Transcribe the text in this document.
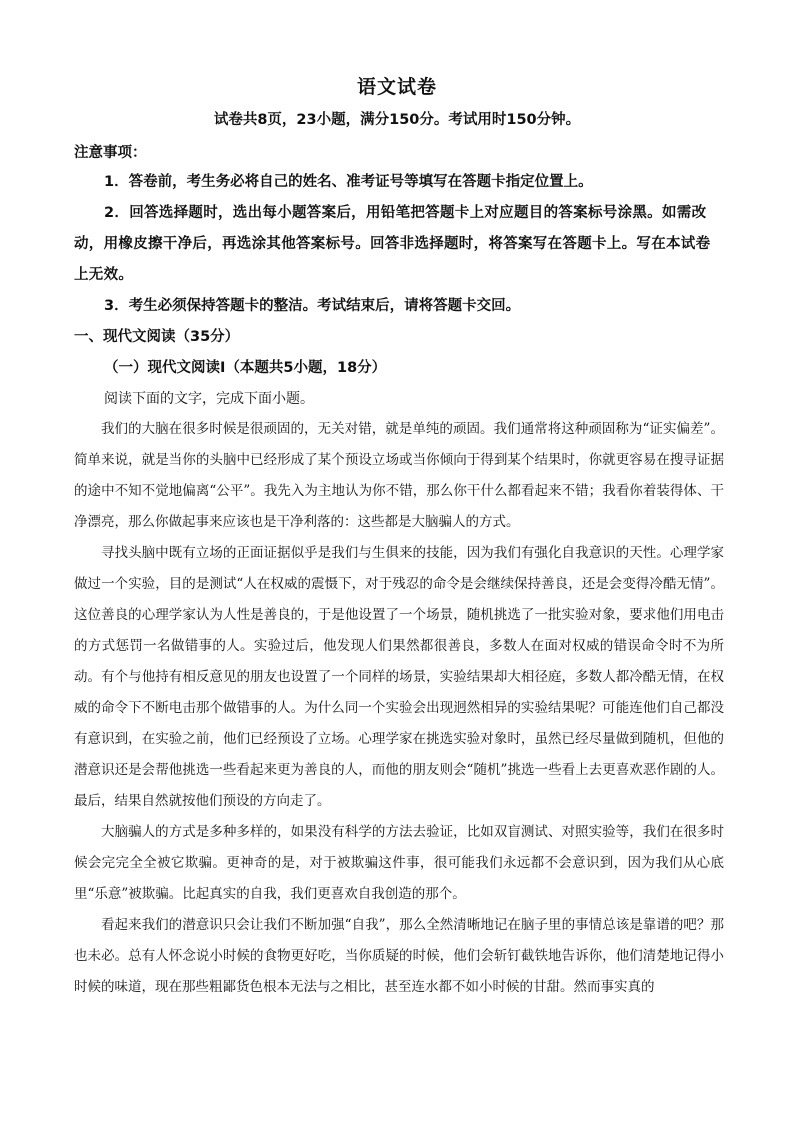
语文试卷
试卷共8页，23小题，满分150分。考试用时150分钟。
注意事项：
1．答卷前，考生务必将自己的姓名、准考证号等填写在答题卡指定位置上。
2．回答选择题时，选出每小题答案后，用铅笔把答题卡上对应题目的答案标号涂黑。如需改动，用橡皮擦干净后，再选涂其他答案标号。回答非选择题时，将答案写在答题卡上。写在本试卷上无效。
3．考生必须保持答题卡的整洁。考试结束后，请将答题卡交回。
一、现代文阅读（35分）
（一）现代文阅读Ⅰ（本题共5小题，18分）
阅读下面的文字，完成下面小题。

我们的大脑在很多时候是很顽固的，无关对错，就是单纯的顽固。我们通常将这种顽固称为“证实偏差”。简单来说，就是当你的头脑中已经形成了某个预设立场或当你倾向于得到某个结果时，你就更容易在搜寻证据的途中不知不觉地偏离“公平”。我先入为主地认为你不错，那么你干什么都看起来不错；我看你着装得体、干净漂亮，那么你做起事来应该也是干净利落的：这些都是大脑骗人的方式。

寻找头脑中既有立场的正面证据似乎是我们与生俱来的技能，因为我们有强化自我意识的天性。心理学家做过一个实验，目的是测试“人在权威的震慑下，对于残忍的命令是会继续保持善良，还是会变得冷酷无情”。这位善良的心理学家认为人性是善良的，于是他设置了一个场景，随机挑选了一批实验对象，要求他们用电击的方式惩罚一名做错事的人。实验过后，他发现人们果然都很善良，多数人在面对权威的错误命令时不为所动。有个与他持有相反意见的朋友也设置了一个同样的场景，实验结果却大相径庭，多数人都冷酷无情，在权威的命令下不断电击那个做错事的人。为什么同一个实验会出现迥然相异的实验结果呢？可能连他们自己都没有意识到，在实验之前，他们已经预设了立场。心理学家在挑选实验对象时，虽然已经尽量做到随机，但他的潜意识还是会帮他挑选一些看起来更为善良的人，而他的朋友则会“随机”挑选一些看上去更喜欢恶作剧的人。最后，结果自然就按他们预设的方向走了。

大脑骗人的方式是多种多样的，如果没有科学的方法去验证，比如双盲测试、对照实验等，我们在很多时候会完完全全被它欺骗。更神奇的是，对于被欺骗这件事，很可能我们永远都不会意识到，因为我们从心底里“乐意”被欺骗。比起真实的自我，我们更喜欢自我创造的那个。

看起来我们的潜意识只会让我们不断加强“自我”，那么全然清晰地记在脑子里的事情总该是靠谱的吧？那也未必。总有人怀念说小时候的食物更好吃，当你质疑的时候，他们会斩钉截铁地告诉你，他们清楚地记得小时候的味道，现在那些粗鄙货色根本无法与之相比，甚至连水都不如小时候的甘甜。然而事实真的
